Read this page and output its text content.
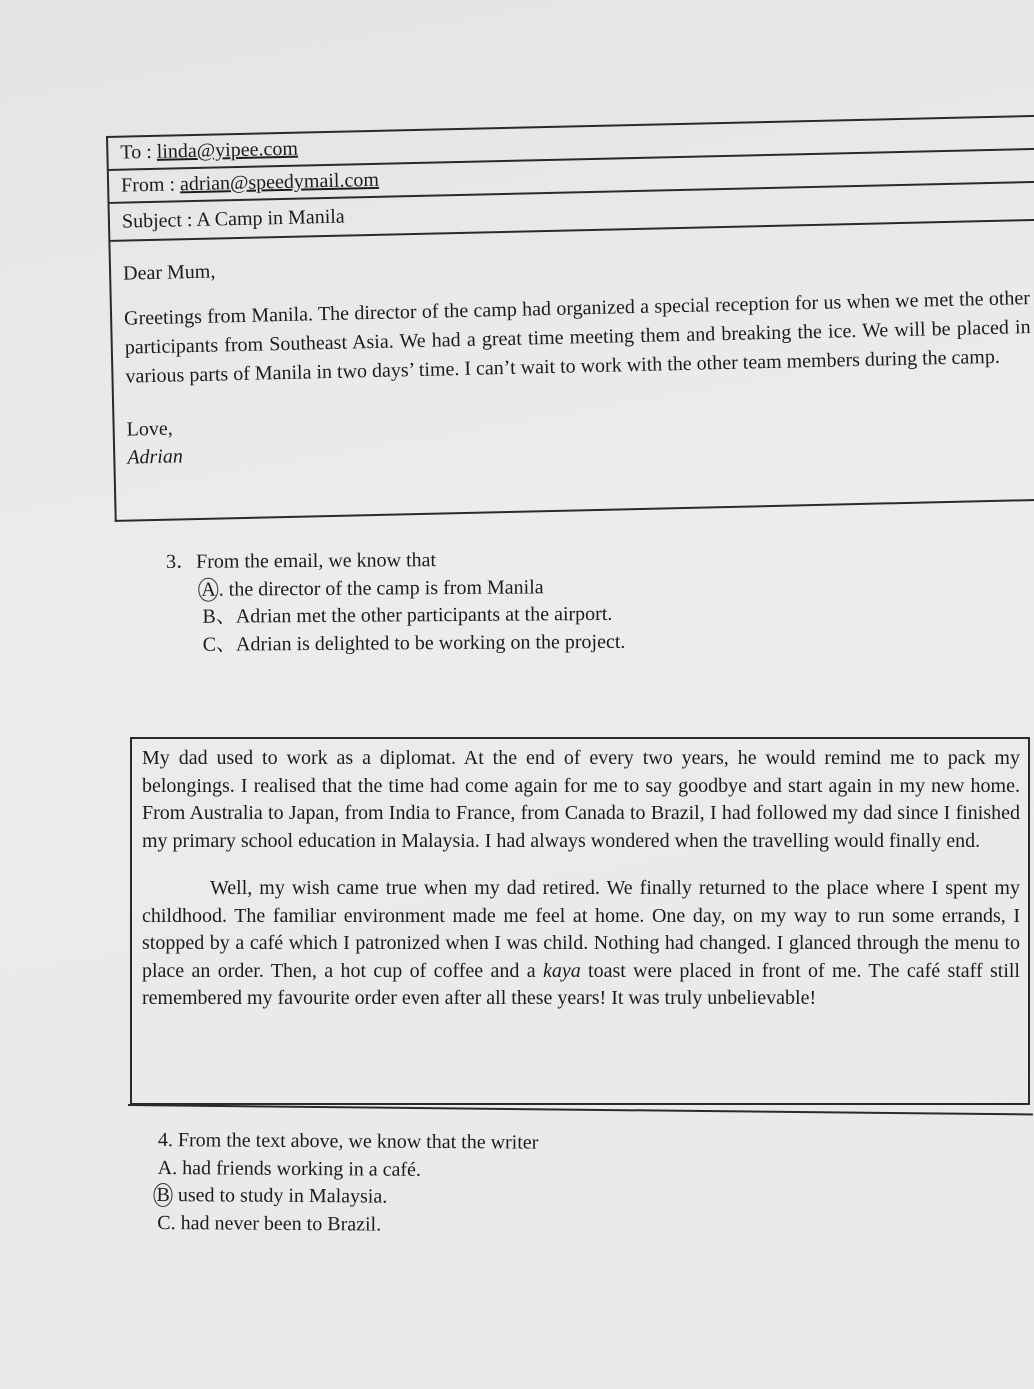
To : linda@yipee.com
From : adrian@speedymail.com
Subject : A Camp in Manila

Dear Mum,

Greetings from Manila. The director of the camp had organized a special reception for us when we met the other participants from Southeast Asia. We had a great time meeting them and breaking the ice. We will be placed in various parts of Manila in two days’ time. I can’t wait to work with the other team members during the camp.

Love,

Adrian

3．From the email, we know that
A . the director of the camp is from Manila
B、Adrian met the other participants at the airport.
C、Adrian is delighted to be working on the project.

My dad used to work as a diplomat. At the end of every two years, he would remind me to pack my belongings. I realised that the time had come again for me to say goodbye and start again in my new home. From Australia to Japan, from India to France, from Canada to Brazil, I had followed my dad since I finished my primary school education in Malaysia. I had always wondered when the travelling would finally end.

Well, my wish came true when my dad retired. We finally returned to the place where I spent my childhood. The familiar environment made me feel at home. One day, on my way to run some errands, I stopped by a café which I patronized when I was child. Nothing had changed. I glanced through the menu to place an order. Then, a hot cup of coffee and a kaya toast were placed in front of me. The café staff still remembered my favourite order even after all these years! It was truly unbelievable!

4. From the text above, we know that the writer
A. had friends working in a café.
B used to study in Malaysia.
C. had never been to Brazil.
